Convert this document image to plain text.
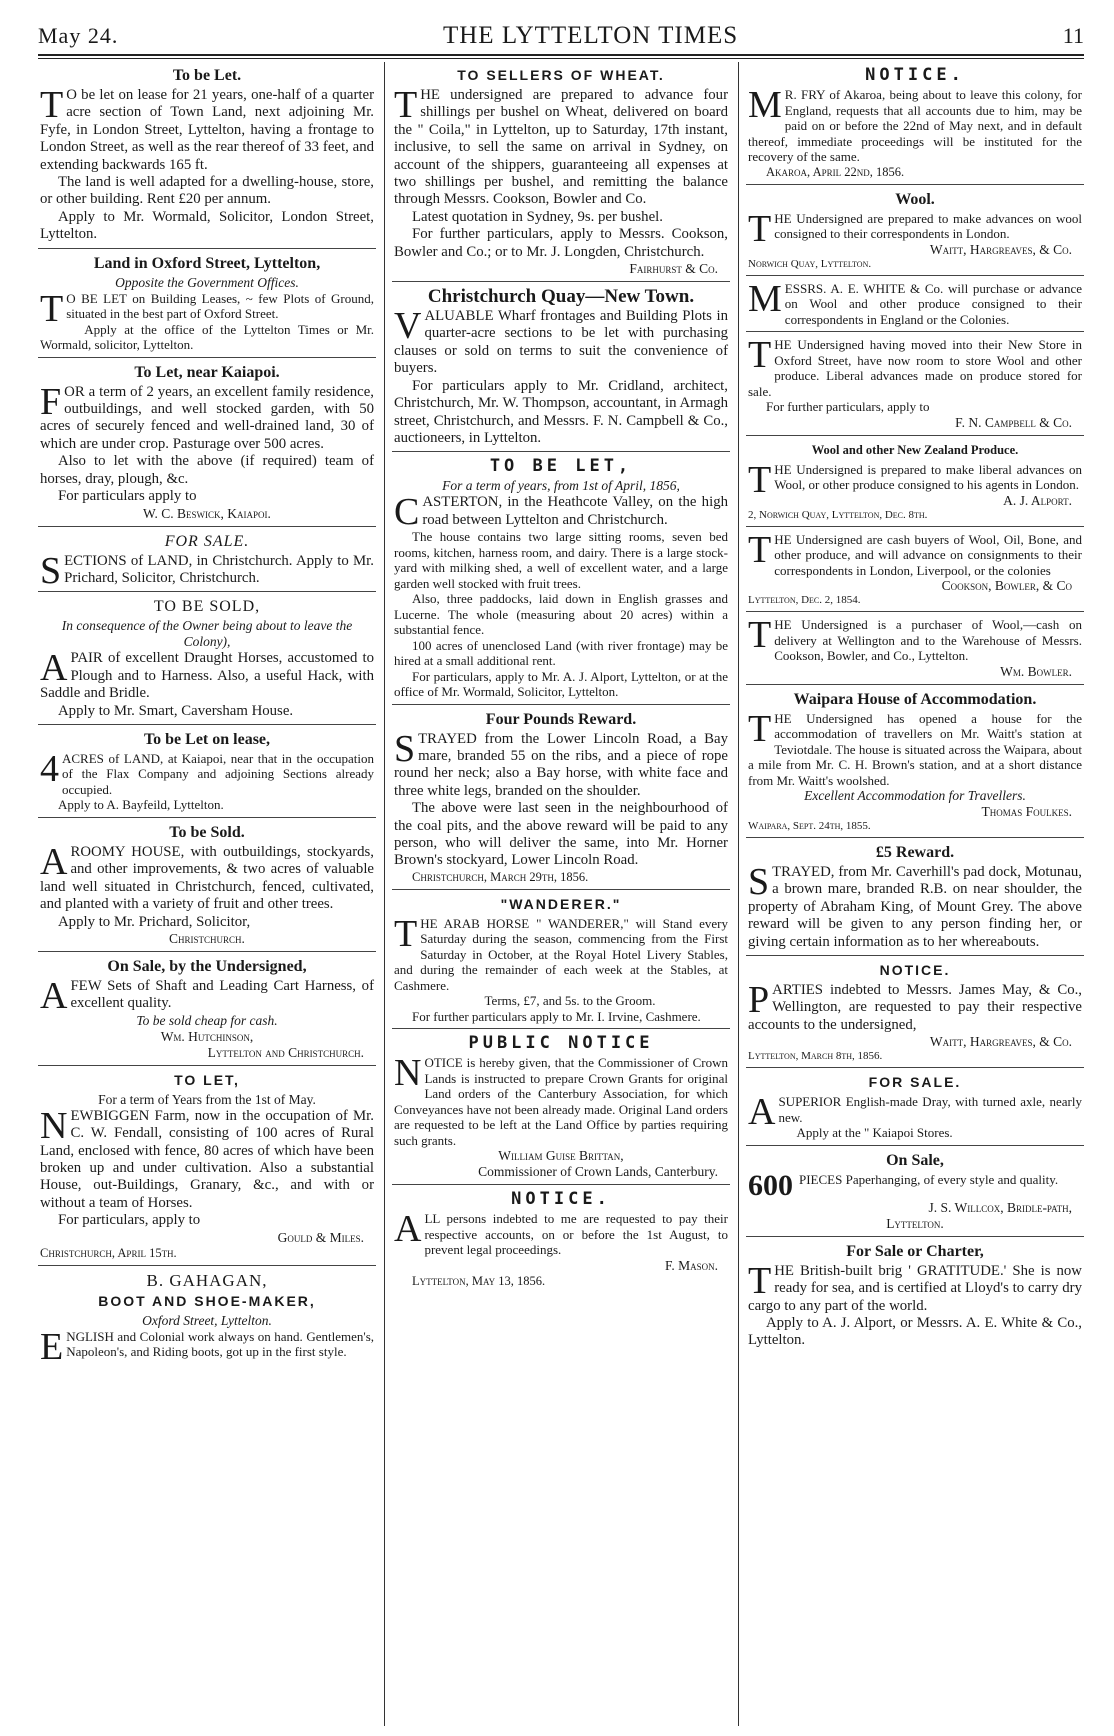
May 24.	THE LYTTELTON TIMES	11
To be Let.

TO be let on lease for 21 years, one-half of a quarter acre section of Town Land, next adjoining Mr. Fyfe, in London Street, Lyttelton, having a frontage to London Street, as well as the rear thereof of 33 feet, and extending backwards 165 ft.

The land is well adapted for a dwelling-house, store, or other building. Rent £20 per annum.

Apply to Mr. Wormald, Solicitor, London Street, Lyttelton.

Land in Oxford Street, Lyttelton,
Opposite the Government Offices.

TO BE LET on Building Leases, ~ few Plots of Ground, situated in the best part of Oxford Street.

Apply at the office of the Lyttelton Times or Mr. Wormald, solicitor, Lyttelton.

To Let, near Kaiapoi.

FOR a term of 2 years, an excellent family residence, outbuildings, and well stocked garden, with 50 acres of securely fenced and well-drained land, 30 of which are under crop. Pasturage over 500 acres.

Also to let with the above (if required) team of horses, dray, plough, &c.

For particulars apply to

W. C. Beswick, Kaiapoi.
FOR SALE.

SECTIONS of LAND, in Christchurch. Apply to Mr. Prichard, Solicitor, Christchurch.

TO BE SOLD,
In consequence of the Owner being about to leave the Colony),

APAIR of excellent Draught Horses, accustomed to Plough and to Harness. Also, a useful Hack, with Saddle and Bridle.

Apply to Mr. Smart, Caversham House.

To be Let on lease,

4ACRES of LAND, at Kaiapoi, near that in the occupation of the Flax Company and adjoining Sections already occupied.

Apply to A. Bayfeild, Lyttelton.

To be Sold.

AROOMY HOUSE, with outbuildings, stockyards, and other improvements, & two acres of valuable land well situated in Christchurch, fenced, cultivated, and planted with a variety of fruit and other trees.

Apply to Mr. Prichard, Solicitor,

Christchurch.
On Sale, by the Undersigned,

AFEW Sets of Shaft and Leading Cart Harness, of excellent quality.

To be sold cheap for cash.
Wm. Hutchinson,
Lyttelton and Christchurch.
TO LET,
For a term of Years from the 1st of May.

NEWBIGGEN Farm, now in the occupation of Mr. C. W. Fendall, consisting of 100 acres of Rural Land, enclosed with fence, 80 acres of which have been broken up and under cultivation. Also a substantial House, out-Buildings, Granary, &c., and with or without a team of Horses.

For particulars, apply to

Gould & Miles.
Christchurch, April 15th.
B. GAHAGAN,
BOOT AND SHOE-MAKER,
Oxford Street, Lyttelton.

ENGLISH and Colonial work always on hand. Gentlemen's, Napoleon's, and Riding boots, got up in the first style.

TO SELLERS OF WHEAT.

THE undersigned are prepared to advance four shillings per bushel on Wheat, delivered on board the " Coila," in Lyttelton, up to Saturday, 17th instant, inclusive, to sell the same on arrival in Sydney, on account of the shippers, guaranteeing all expenses at two shillings per bushel, and remitting the balance through Messrs. Cookson, Bowler and Co.

Latest quotation in Sydney, 9s. per bushel.

For further particulars, apply to Messrs. Cookson, Bowler and Co.; or to Mr. J. Longden, Christchurch.

Fairhurst & Co.
Christchurch Quay—New Town.

VALUABLE Wharf frontages and Building Plots in quarter-acre sections to be let with purchasing clauses or sold on terms to suit the convenience of buyers.

For particulars apply to Mr. Cridland, architect, Christchurch, Mr. W. Thompson, accountant, in Armagh street, Christchurch, and Messrs. F. N. Campbell & Co., auctioneers, in Lyttelton.

TO BE LET,
For a term of years, from 1st of April, 1856,

CASTERTON, in the Heathcote Valley, on the high road between Lyttelton and Christchurch.

The house contains two large sitting rooms, seven bed rooms, kitchen, harness room, and dairy. There is a large stock-yard with milking shed, a well of excellent water, and a large garden well stocked with fruit trees.

Also, three paddocks, laid down in English grasses and Lucerne. The whole (measuring about 20 acres) within a substantial fence.

100 acres of unenclosed Land (with river frontage) may be hired at a small additional rent.

For particulars, apply to Mr. A. J. Alport, Lyttelton, or at the office of Mr. Wormald, Solicitor, Lyttelton.

Four Pounds Reward.

STRAYED from the Lower Lincoln Road, a Bay mare, branded 55 on the ribs, and a piece of rope round her neck; also a Bay horse, with white face and three white legs, branded on the shoulder.

The above were last seen in the neighbourhood of the coal pits, and the above reward will be paid to any person, who will deliver the same, into Mr. Horner Brown's stockyard, Lower Lincoln Road.

Christchurch, March 29th, 1856.
"WANDERER."

THE ARAB HORSE " WANDERER," will Stand every Saturday during the season, commencing from the First Saturday in October, at the Royal Hotel Livery Stables, and during the remainder of each week at the Stables, at Cashmere.

Terms, £7, and 5s. to the Groom.

For further particulars apply to Mr. I. Irvine, Cashmere.

PUBLIC NOTICE

NOTICE is hereby given, that the Commissioner of Crown Lands is instructed to prepare Crown Grants for original Land orders of the Canterbury Association, for which Conveyances have not been already made. Original Land orders are requested to be left at the Land Office by parties requiring such grants.

William Guise Brittan,
Commissioner of Crown Lands, Canterbury.
NOTICE.

ALL persons indebted to me are requested to pay their respective accounts, on or before the 1st August, to prevent legal proceedings.

F. Mason.
Lyttelton, May 13, 1856.
NOTICE.

MR. FRY of Akaroa, being about to leave this colony, for England, requests that all accounts due to him, may be paid on or before the 22nd of May next, and in default thereof, immediate proceedings will be instituted for the recovery of the same.

Akaroa, April 22nd, 1856.
Wool.

THE Undersigned are prepared to make advances on wool consigned to their correspondents in London.

Waitt, Hargreaves, & Co.
Norwich Quay, Lyttelton.

MESSRS. A. E. WHITE & Co. will purchase or advance on Wool and other produce consigned to their correspondents in England or the Colonies.

THE Undersigned having moved into their New Store in Oxford Street, have now room to store Wool and other produce. Liberal advances made on produce stored for sale.

For further particulars, apply to

F. N. Campbell & Co.
Wool and other New Zealand Produce.

THE Undersigned is prepared to make liberal advances on Wool, or other produce consigned to his agents in London.

A. J. Alport.
2, Norwich Quay, Lyttelton, Dec. 8th.

THE Undersigned are cash buyers of Wool, Oil, Bone, and other produce, and will advance on consignments to their correspondents in London, Liverpool, or the colonies

Cookson, Bowler, & Co
Lyttelton, Dec. 2, 1854.

THE Undersigned is a purchaser of Wool,—cash on delivery at Wellington and to the Warehouse of Messrs. Cookson, Bowler, and Co., Lyttelton.

Wm. Bowler.
Waipara House of Accommodation.

THE Undersigned has opened a house for the accommodation of travellers on Mr. Waitt's station at Teviotdale. The house is situated across the Waipara, about a mile from Mr. C. H. Brown's station, and at a short distance from Mr. Waitt's woolshed.

Excellent Accommodation for Travellers.
Thomas Foulkes.
Waipara, Sept. 24th, 1855.
£5 Reward.

STRAYED, from Mr. Caverhill's pad dock, Motunau, a brown mare, branded R.B. on near shoulder, the property of Abraham King, of Mount Grey. The above reward will be given to any person finding her, or giving certain information as to her whereabouts.

NOTICE.

PARTIES indebted to Messrs. James May, & Co., Wellington, are requested to pay their respective accounts to the undersigned,

Waitt, Hargreaves, & Co.
Lyttelton, March 8th, 1856.
FOR SALE.

ASUPERIOR English-made Dray, with turned axle, nearly new.

Apply at the " Kaiapoi Stores.

On Sale,
600 PIECES Paperhanging, of every style and quality.

J. S. Willcox, Bridle-path,
Lyttelton.
For Sale or Charter,

THE British-built brig ' GRATITUDE.' She is now ready for sea, and is certified at Lloyd's to carry dry cargo to any part of the world.

Apply to A. J. Alport, or Messrs. A. E. White & Co., Lyttelton.
